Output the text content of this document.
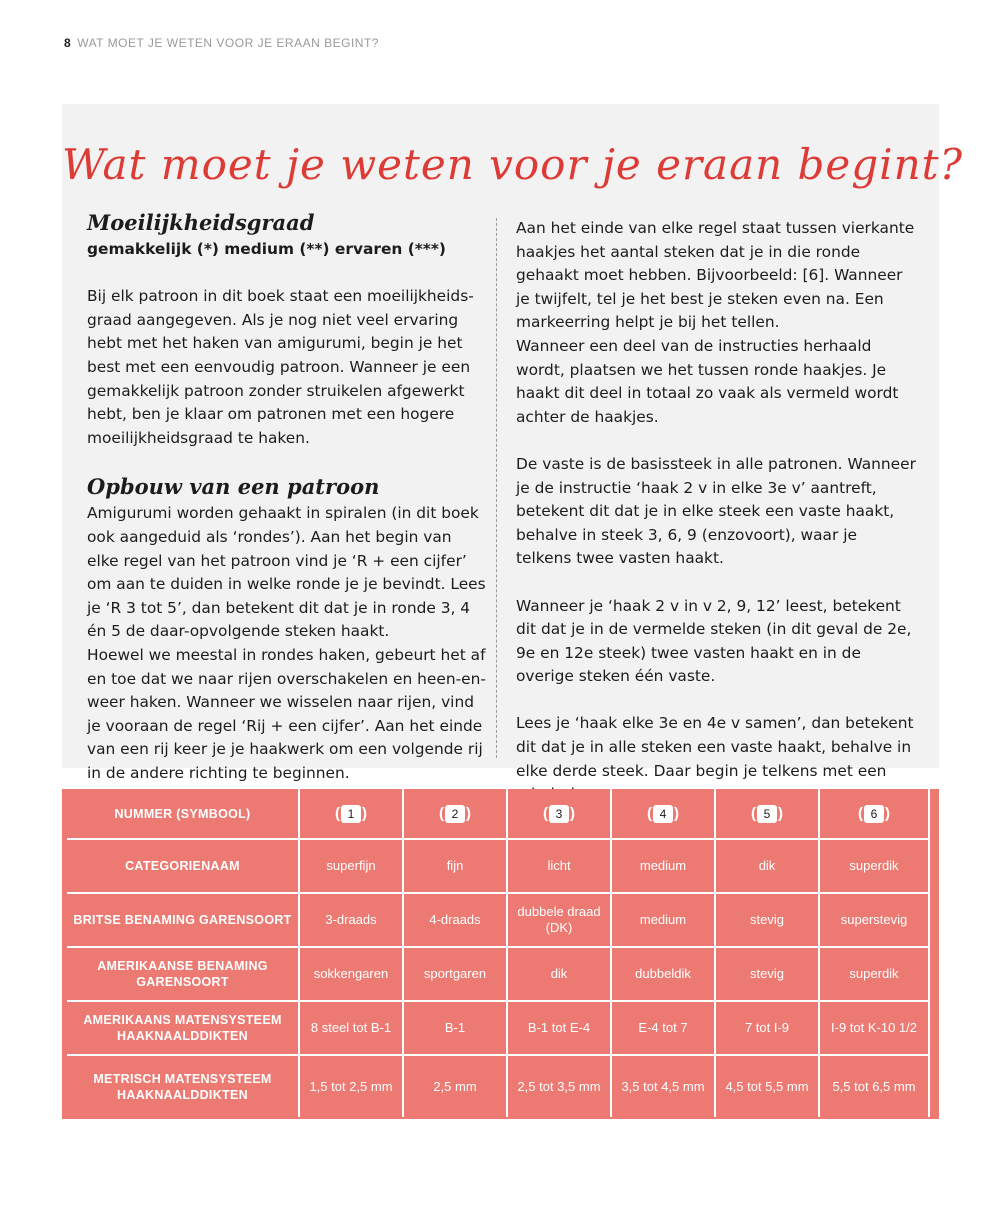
8 WAT MOET JE WETEN VOOR JE ERAAN BEGINT?
Wat moet je weten voor je eraan begint?
Moeilijkheidsgraad

gemakkelijk (*) medium (**) ervaren (***)

Bij elk patroon in dit boek staat een moeilijkheids-graad aangegeven. Als je nog niet veel ervaring hebt met het haken van amigurumi, begin je het best met een eenvoudig patroon. Wanneer je een gemakkelijk patroon zonder struikelen afgewerkt hebt, ben je klaar om patronen met een hogere moeilijkheidsgraad te haken.

Opbouw van een patroon

Amigurumi worden gehaakt in spiralen (in dit boek ook aangeduid als ‘rondes’). Aan het begin van elke regel van het patroon vind je ‘R + een cijfer’ om aan te duiden in welke ronde je je bevindt. Lees je ‘R 3 tot 5’, dan betekent dit dat je in ronde 3, 4 én 5 de daar-opvolgende steken haakt.

Hoewel we meestal in rondes haken, gebeurt het af en toe dat we naar rijen overschakelen en heen-en-weer haken. Wanneer we wisselen naar rijen, vind je vooraan de regel ‘Rij + een cijfer’. Aan het einde van een rij keer je je haakwerk om een volgende rij in de andere richting te beginnen.

Aan het einde van elke regel staat tussen vierkante haakjes het aantal steken dat je in die ronde gehaakt moet hebben. Bijvoorbeeld: [6]. Wanneer je twijfelt, tel je het best je steken even na. Een markeerring helpt je bij het tellen.

Wanneer een deel van de instructies herhaald wordt, plaatsen we het tussen ronde haakjes. Je haakt dit deel in totaal zo vaak als vermeld wordt achter de haakjes.

De vaste is de basissteek in alle patronen. Wanneer je de instructie ‘haak 2 v in elke 3e v’ aantreft, betekent dit dat je in elke steek een vaste haakt, behalve in steek 3, 6, 9 (enzovoort), waar je telkens twee vasten haakt.

Wanneer je ‘haak 2 v in v 2, 9, 12’ leest, betekent dit dat je in de vermelde steken (in dit geval de 2e, 9e en 12e steek) twee vasten haakt en in de overige steken één vaste.

Lees je ‘haak elke 3e en 4e v samen’, dan betekent dit dat je in alle steken een vaste haakt, behalve in elke derde steek. Daar begin je telkens met een

NUMMER (SYMBOOL)	( 1 )	( 2 )	( 3 )	( 4 )	( 5 )	( 6 )

CATEGORIENAAM	superfijn	fijn	licht	medium	dik	superdik
BRITSE BENAMING GARENSOORT	3-draads	4-draads	dubbele draad (DK)	medium	stevig	superstevig
AMERIKAANSE BENAMING GARENSOORT	sokkengaren	sportgaren	dik	dubbeldik	stevig	superdik
AMERIKAANS MATENSYSTEEM HAAKNAALDDIKTEN	8 steel tot B-1	B-1	B-1 tot E-4	E-4 tot 7	7 tot I-9	I-9 tot K-10 1/2
METRISCH MATENSYSTEEM HAAKNAALDDIKTEN	1,5 tot 2,5 mm	2,5 mm	2,5 tot 3,5 mm	3,5 tot 4,5 mm	4,5 tot 5,5 mm	5,5 tot 6,5 mm
